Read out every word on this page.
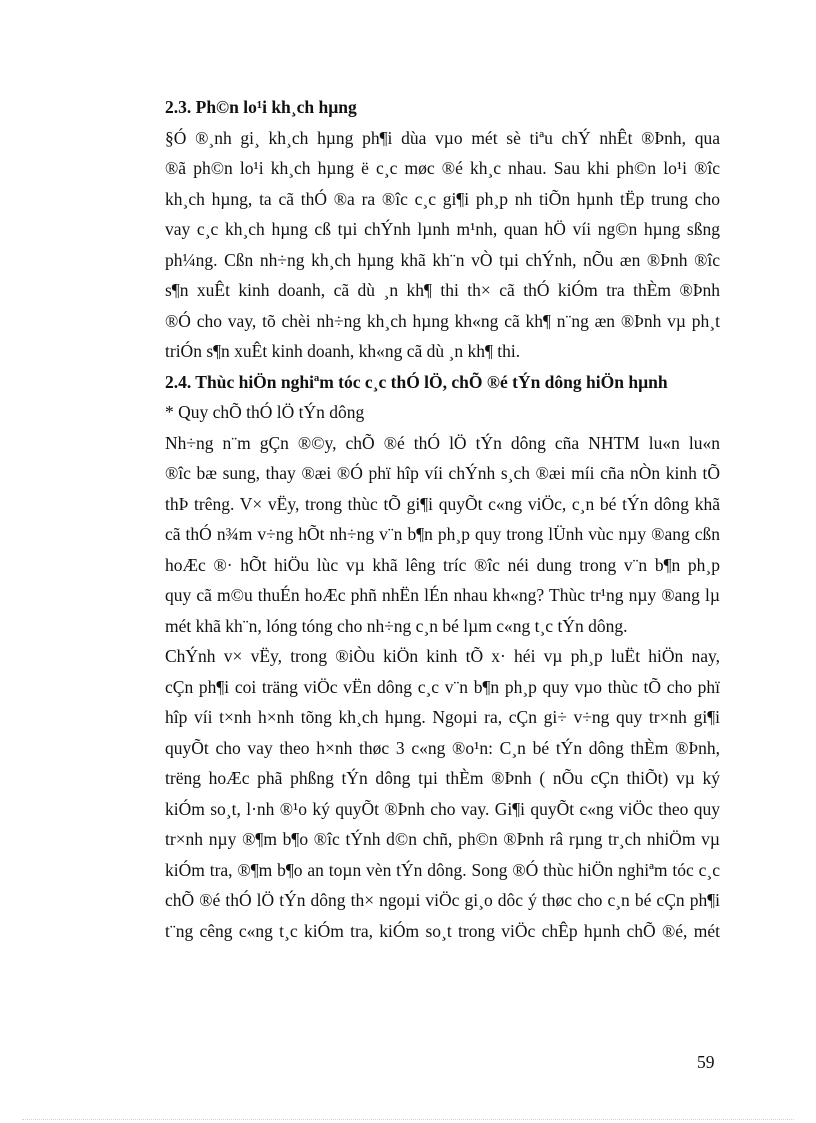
2.3. Ph©n lo¹i kh¸ch hµng
§Ó ®¸nh gi¸ kh¸ch hµng ph¶i dùa vµo mét sè tiªu chÝ nhÊt ®Þnh, qua
®ã ph©n lo¹i kh¸ch hµng ë c¸c møc ®é kh¸c nhau. Sau khi ph©n lo¹i ®îc
kh¸ch hµng, ta cã thÓ ®a ra ®îc c¸c gi¶i ph¸p nh tiÕn hµnh tËp trung cho
vay c¸c kh¸ch hµng cß tµi chÝnh lµnh m¹nh, quan hÖ víi ng©n hµng sßng
ph¼ng. Cßn nh÷ng kh¸ch hµng khã kh¨n vÒ tµi chÝnh, nÕu æn ®Þnh ®îc
s¶n xuÊt kinh doanh, cã dù ¸n kh¶ thi th× cã thÓ kiÓm tra thÈm ®Þnh
®Ó cho vay, tõ chèi nh÷ng kh¸ch hµng kh«ng cã kh¶ n¨ng æn ®Þnh vµ ph¸t
triÓn s¶n xuÊt kinh doanh, kh«ng cã dù ¸n kh¶ thi.
2.4. Thùc hiÖn nghiªm tóc c¸c thÓ lÖ, chÕ ®é tÝn dông hiÖn hµnh
* Quy chÕ thÓ lÖ tÝn dông
Nh÷ng n¨m gÇn ®©y, chÕ ®é thÓ lÖ tÝn dông cña NHTM lu«n lu«n
®îc bæ sung, thay ®æi ®Ó phï hîp víi chÝnh s¸ch ®æi míi cña nÒn kinh tÕ
thÞ trêng. V× vËy, trong thùc tÕ gi¶i quyÕt c«ng viÖc, c¸n bé tÝn dông khã
cã thÓ n¾m v÷ng hÕt nh÷ng v¨n b¶n ph¸p quy trong lÜnh vùc nµy ®ang cßn
hoÆc ®· hÕt hiÖu lùc vµ khã lêng tríc ®îc néi dung trong v¨n b¶n ph¸p
quy cã m©u thuÉn hoÆc phñ nhËn lÉn nhau kh«ng? Thùc tr¹ng nµy ®ang lµ
mét khã kh¨n, lóng tóng cho nh÷ng c¸n bé lµm c«ng t¸c tÝn dông.
ChÝnh v× vËy, trong ®iÒu kiÖn kinh tÕ x· héi vµ ph¸p luËt hiÖn nay,
cÇn ph¶i coi träng viÖc vËn dông c¸c v¨n b¶n ph¸p quy vµo thùc tÕ cho phï
hîp víi t×nh h×nh tõng kh¸ch hµng. Ngoµi ra, cÇn gi÷ v÷ng quy tr×nh gi¶i
quyÕt cho vay theo h×nh thøc 3 c«ng ®o¹n: C¸n bé tÝn dông thÈm ®Þnh,
trëng hoÆc phã phßng tÝn dông tµi thÈm ®Þnh ( nÕu cÇn thiÕt) vµ ký
kiÓm so¸t, l·nh ®¹o ký quyÕt ®Þnh cho vay. Gi¶i quyÕt c«ng viÖc theo quy
tr×nh nµy ®¶m b¶o ®îc tÝnh d©n chñ, ph©n ®Þnh râ rµng tr¸ch nhiÖm vµ
kiÓm tra, ®¶m b¶o an toµn vèn tÝn dông. Song ®Ó thùc hiÖn nghiªm tóc c¸c
chÕ ®é thÓ lÖ tÝn dông th× ngoµi viÖc gi¸o dôc ý thøc cho c¸n bé cÇn ph¶i
t¨ng cêng c«ng t¸c kiÓm tra, kiÓm so¸t trong viÖc chÊp hµnh chÕ ®é, mét
59
